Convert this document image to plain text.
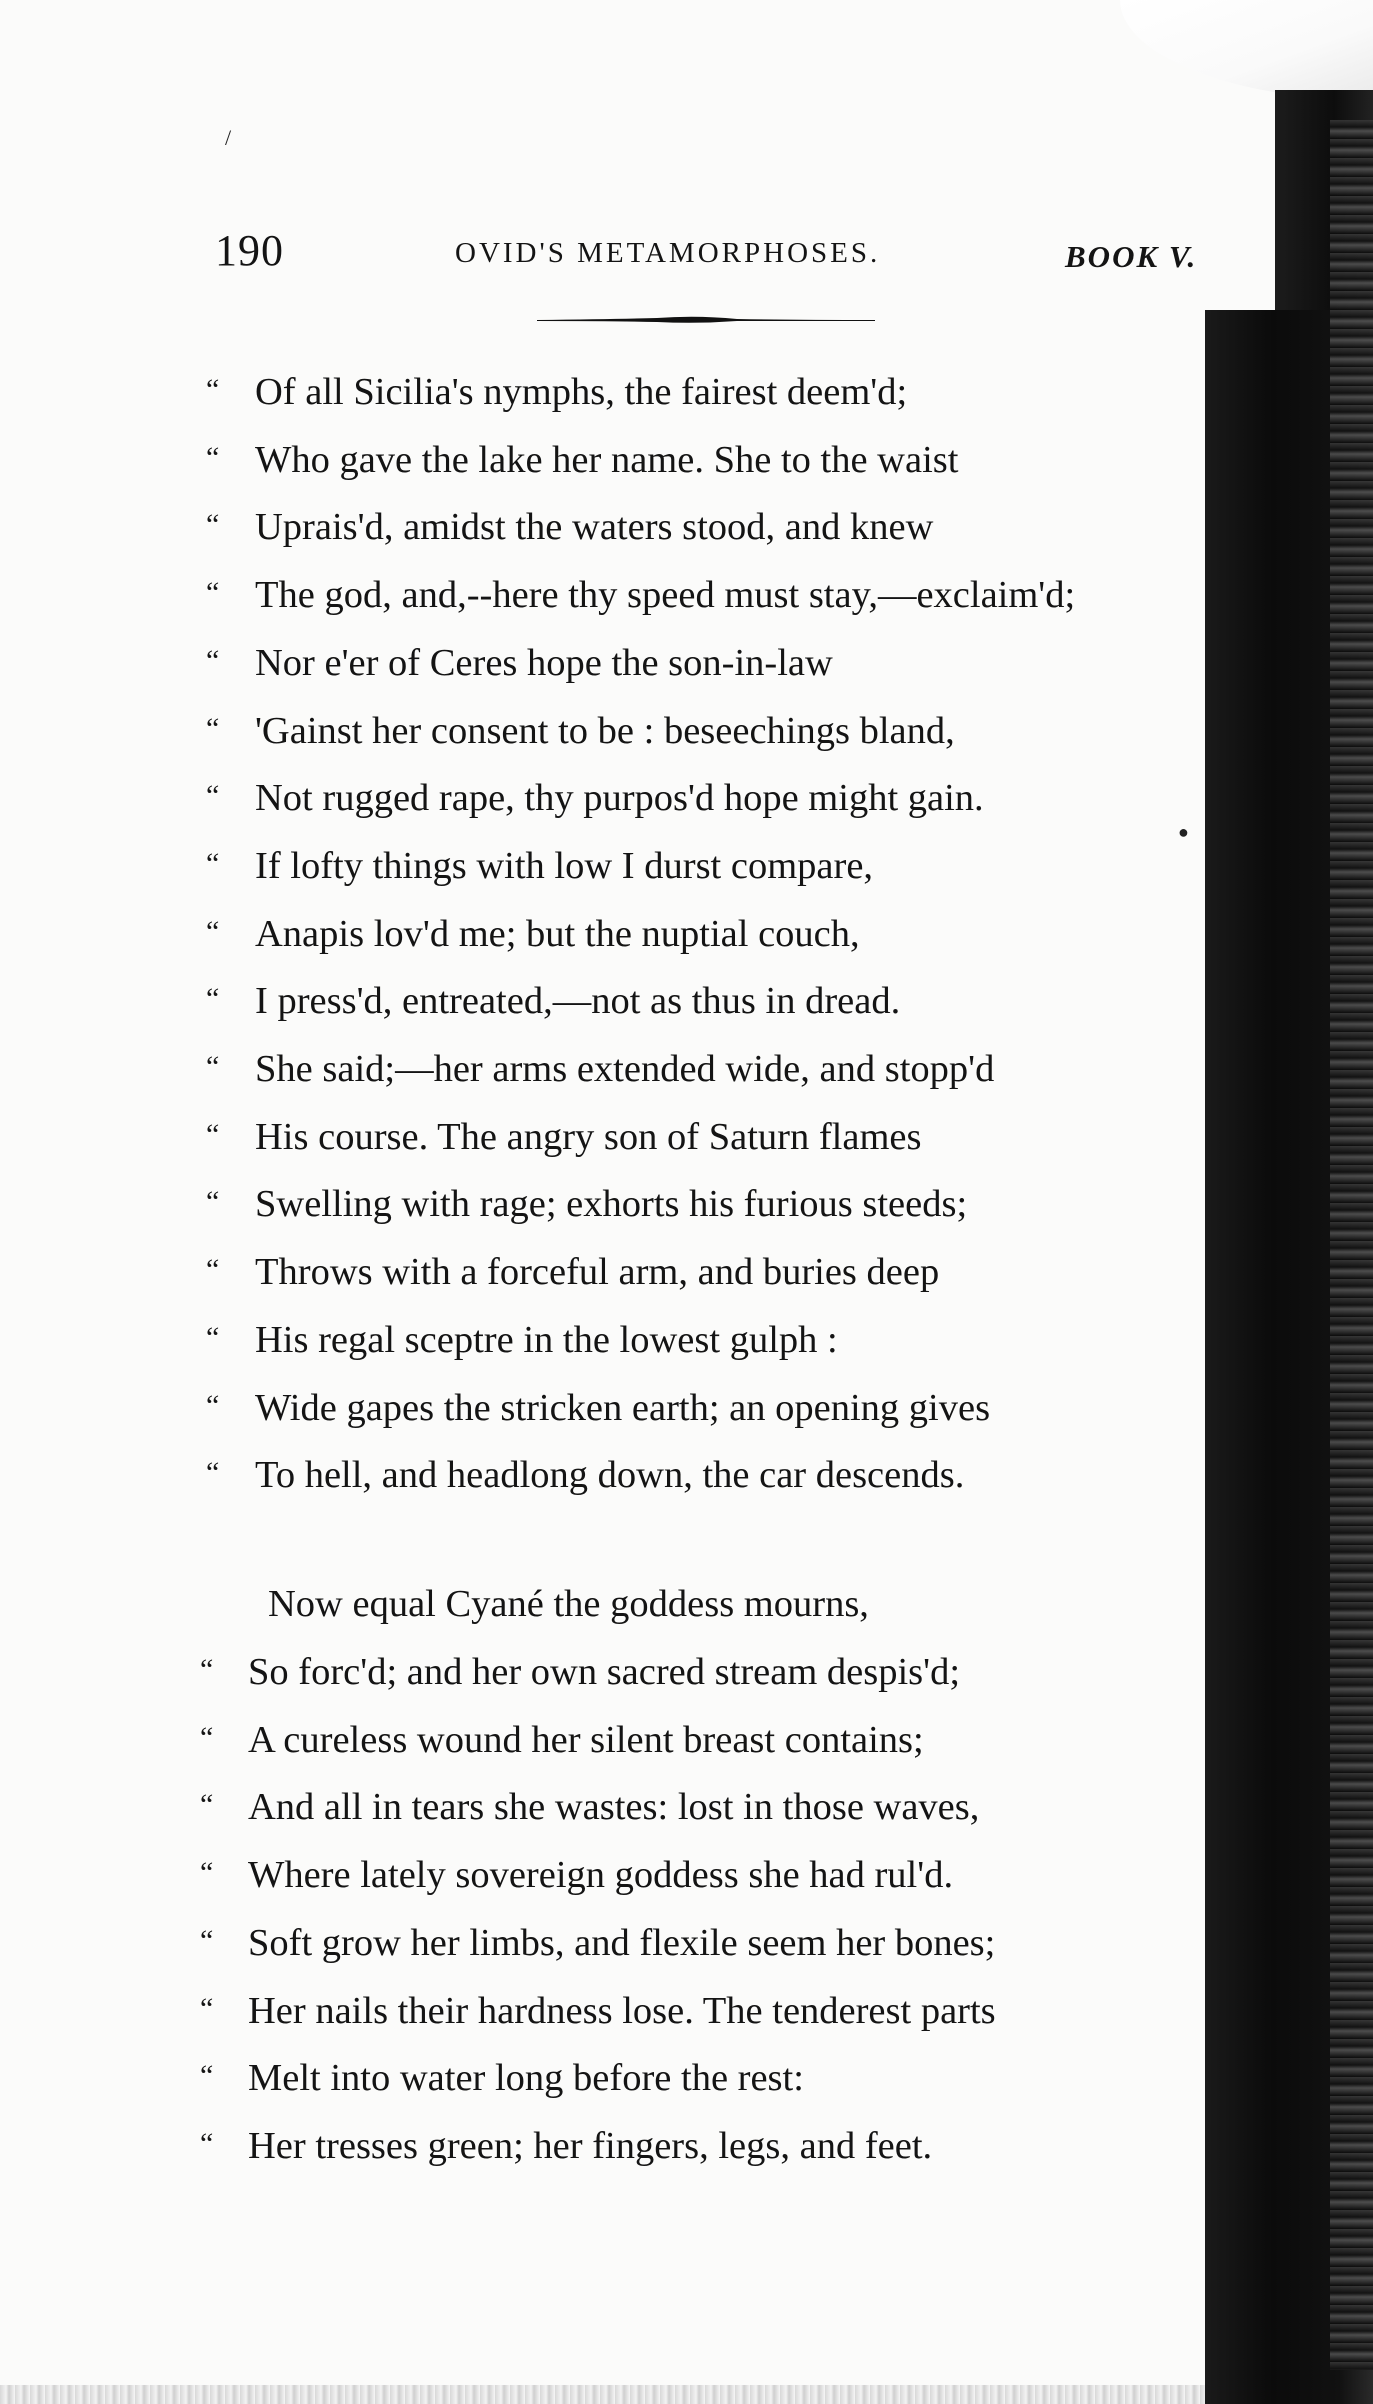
190	OVID'S METAMORPHOSES.	BOOK V.
“ Of all Sicilia's nymphs, the fairest deem'd;
“ Who gave the lake her name. She to the waist
“ Uprais'd, amidst the waters stood, and knew
“ The god, and,--here thy speed must stay,—exclaim'd;
“ Nor e'er of Ceres hope the son-in-law
“ 'Gainst her consent to be : beseechings bland,
“ Not rugged rape, thy purpos'd hope might gain.
“ If lofty things with low I durst compare,
“ Anapis lov'd me; but the nuptial couch,
“ I press'd, entreated,—not as thus in dread.
“ She said;—her arms extended wide, and stopp'd
“ His course. The angry son of Saturn flames
“ Swelling with rage; exhorts his furious steeds;
“ Throws with a forceful arm, and buries deep
“ His regal sceptre in the lowest gulph :
“ Wide gapes the stricken earth; an opening gives
“ To hell, and headlong down, the car descends.
Now equal Cyané the goddess mourns,
“ So forc'd; and her own sacred stream despis'd;
“ A cureless wound her silent breast contains;
“ And all in tears she wastes: lost in those waves,
“ Where lately sovereign goddess she had rul'd.
“ Soft grow her limbs, and flexile seem her bones;
“ Her nails their hardness lose. The tenderest parts
“ Melt into water long before the rest:
“ Her tresses green; her fingers, legs, and feet.
/
●
